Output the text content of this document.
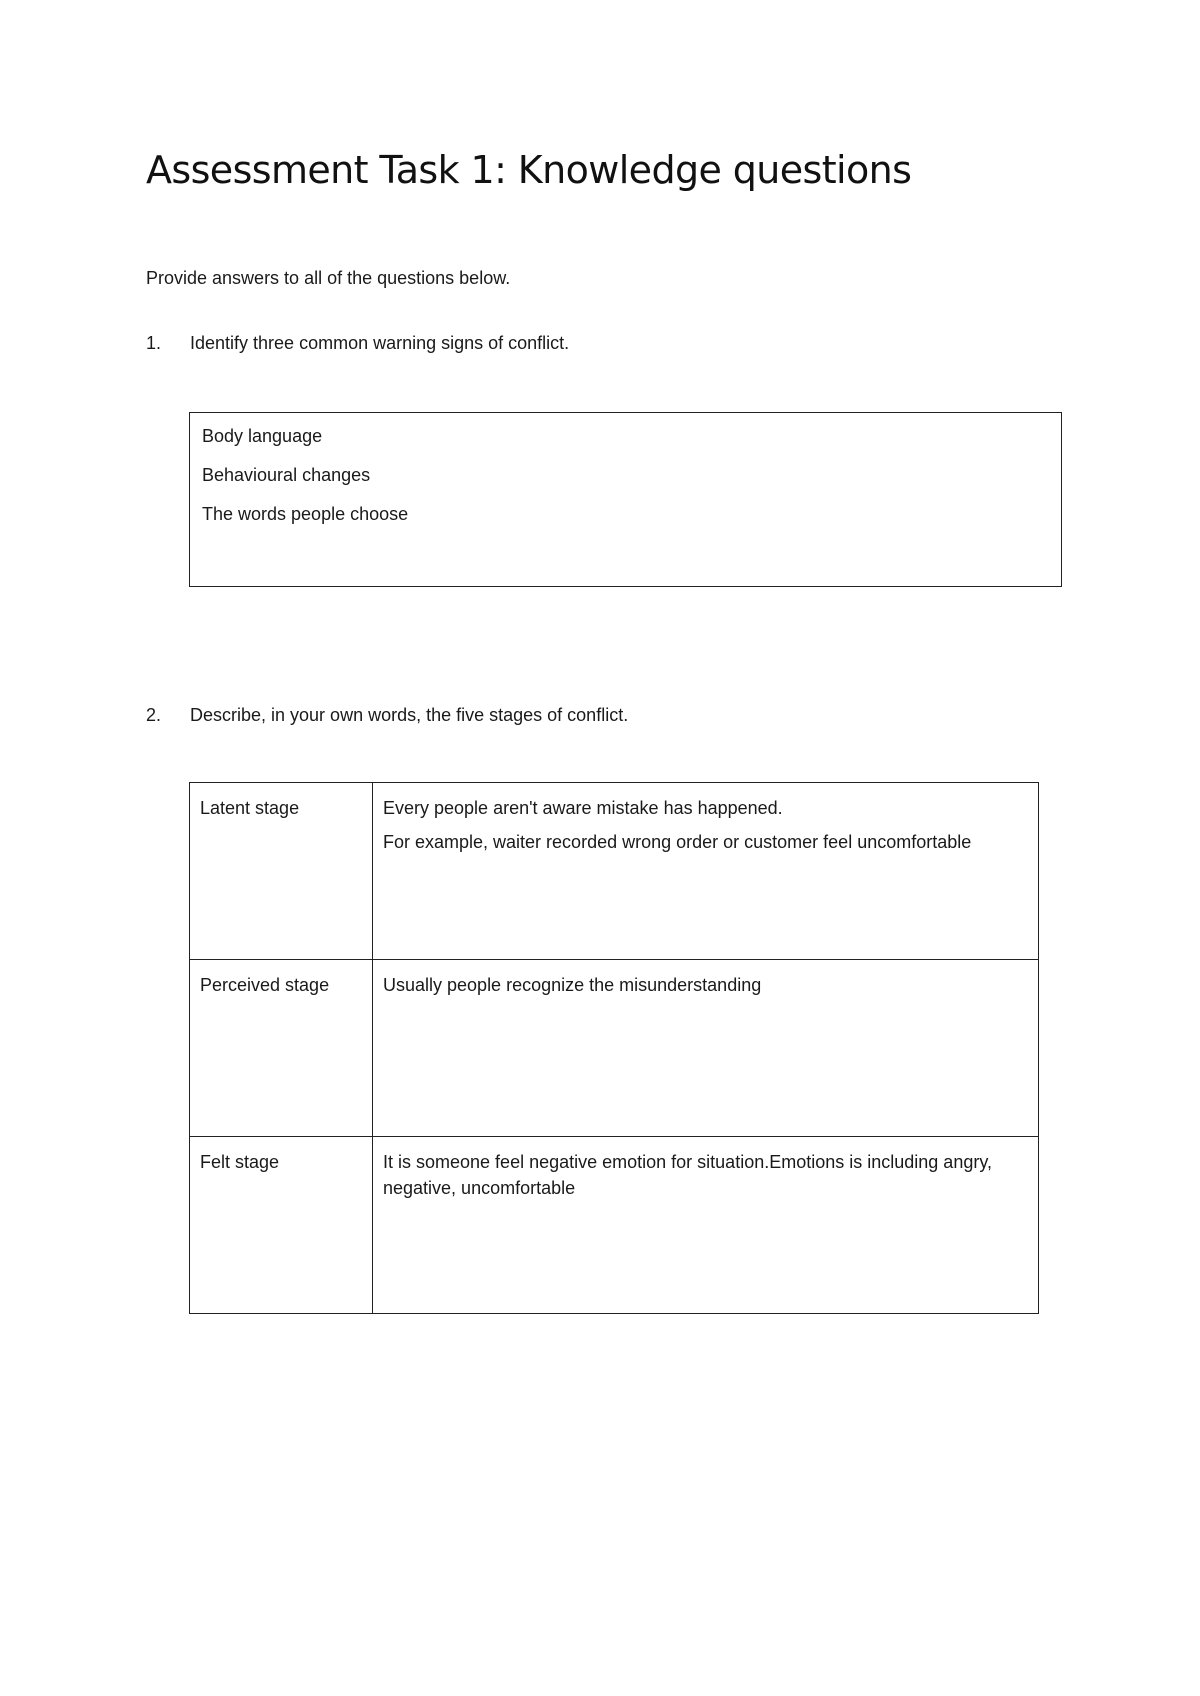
Assessment Task 1: Knowledge questions
Provide answers to all of the questions below.
1. Identify three common warning signs of conflict.

Body language

Behavioural changes

The words people choose

2. Describe, in your own words, the five stages of conflict.
Latent stage	Every people aren't aware mistake has happened.

For example, waiter recorded wrong order or customer feel uncomfortable

Perceived stage	Usually people recognize the misunderstanding

Felt stage	It is someone feel negative emotion for situation.Emotions is including angry, negative, uncomfortable
